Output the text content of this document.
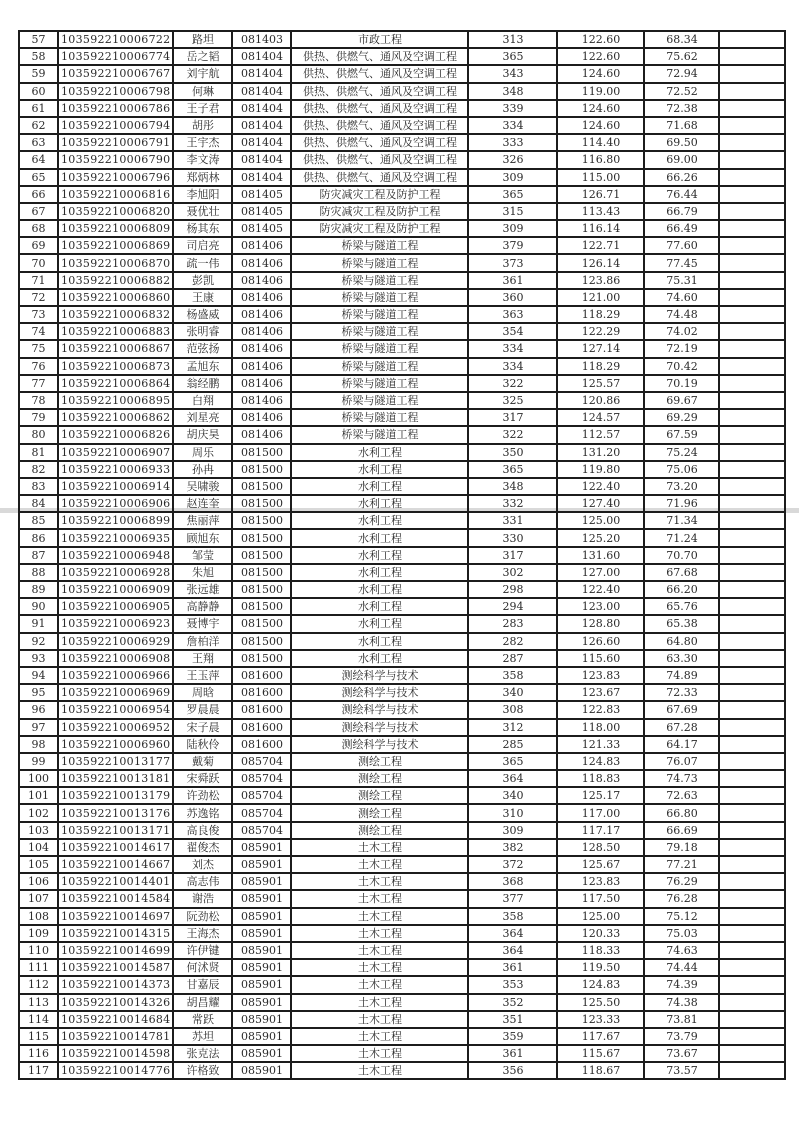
57	103592210006722	路坦	081403	市政工程	313	122.60	68.34	
58	103592210006774	岳之韬	081404	供热、供燃气、通风及空调工程	365	122.60	75.62	
59	103592210006767	刘宇航	081404	供热、供燃气、通风及空调工程	343	124.60	72.94	
60	103592210006798	何琳	081404	供热、供燃气、通风及空调工程	348	119.00	72.52	
61	103592210006786	王子君	081404	供热、供燃气、通风及空调工程	339	124.60	72.38	
62	103592210006794	胡彤	081404	供热、供燃气、通风及空调工程	334	124.60	71.68	
63	103592210006791	王宇杰	081404	供热、供燃气、通风及空调工程	333	114.40	69.50	
64	103592210006790	李文涛	081404	供热、供燃气、通风及空调工程	326	116.80	69.00	
65	103592210006796	郑炳林	081404	供热、供燃气、通风及空调工程	309	115.00	66.26	
66	103592210006816	李旭阳	081405	防灾减灾工程及防护工程	365	126.71	76.44	
67	103592210006820	聂优壮	081405	防灾减灾工程及防护工程	315	113.43	66.79	
68	103592210006809	杨其东	081405	防灾减灾工程及防护工程	309	116.14	66.49	
69	103592210006869	司启亮	081406	桥梁与隧道工程	379	122.71	77.60	
70	103592210006870	疏一伟	081406	桥梁与隧道工程	373	126.14	77.45	
71	103592210006882	彭凯	081406	桥梁与隧道工程	361	123.86	75.31	
72	103592210006860	王康	081406	桥梁与隧道工程	360	121.00	74.60	
73	103592210006832	杨盛威	081406	桥梁与隧道工程	363	118.29	74.48	
74	103592210006883	张明睿	081406	桥梁与隧道工程	354	122.29	74.02	
75	103592210006867	范弦扬	081406	桥梁与隧道工程	334	127.14	72.19	
76	103592210006873	孟旭东	081406	桥梁与隧道工程	334	118.29	70.42	
77	103592210006864	翁经鹏	081406	桥梁与隧道工程	322	125.57	70.19	
78	103592210006895	白翔	081406	桥梁与隧道工程	325	120.86	69.67	
79	103592210006862	刘星亮	081406	桥梁与隧道工程	317	124.57	69.29	
80	103592210006826	胡庆昊	081406	桥梁与隧道工程	322	112.57	67.59	
81	103592210006907	周乐	081500	水利工程	350	131.20	75.24	
82	103592210006933	孙冉	081500	水利工程	365	119.80	75.06	
83	103592210006914	吴啸骏	081500	水利工程	348	122.40	73.20	
84	103592210006906	赵连奎	081500	水利工程	332	127.40	71.96	
85	103592210006899	焦丽萍	081500	水利工程	331	125.00	71.34	
86	103592210006935	顾旭东	081500	水利工程	330	125.20	71.24	
87	103592210006948	邹莹	081500	水利工程	317	131.60	70.70	
88	103592210006928	朱旭	081500	水利工程	302	127.00	67.68	
89	103592210006909	张远雄	081500	水利工程	298	122.40	66.20	
90	103592210006905	高静静	081500	水利工程	294	123.00	65.76	
91	103592210006923	聂博宇	081500	水利工程	283	128.80	65.38	
92	103592210006929	詹柏洋	081500	水利工程	282	126.60	64.80	
93	103592210006908	王翔	081500	水利工程	287	115.60	63.30	
94	103592210006966	王玉萍	081600	测绘科学与技术	358	123.83	74.89	
95	103592210006969	周晗	081600	测绘科学与技术	340	123.67	72.33	
96	103592210006954	罗晨晨	081600	测绘科学与技术	308	122.83	67.69	
97	103592210006952	宋子晨	081600	测绘科学与技术	312	118.00	67.28	
98	103592210006960	陆秋伶	081600	测绘科学与技术	285	121.33	64.17	
99	103592210013177	戴菊	085704	测绘工程	365	124.83	76.07	
100	103592210013181	宋舜跃	085704	测绘工程	364	118.83	74.73	
101	103592210013179	许劲松	085704	测绘工程	340	125.17	72.63	
102	103592210013176	苏逸铭	085704	测绘工程	310	117.00	66.80	
103	103592210013171	高良俊	085704	测绘工程	309	117.17	66.69	
104	103592210014617	翟俊杰	085901	土木工程	382	128.50	79.18	
105	103592210014667	刘杰	085901	土木工程	372	125.67	77.21	
106	103592210014401	高志伟	085901	土木工程	368	123.83	76.29	
107	103592210014584	谢浩	085901	土木工程	377	117.50	76.28	
108	103592210014697	阮劲松	085901	土木工程	358	125.00	75.12	
109	103592210014315	王海杰	085901	土木工程	364	120.33	75.03	
110	103592210014699	许伊键	085901	土木工程	364	118.33	74.63	
111	103592210014587	何沭贤	085901	土木工程	361	119.50	74.44	
112	103592210014373	甘嘉辰	085901	土木工程	353	124.83	74.39	
113	103592210014326	胡昌耀	085901	土木工程	352	125.50	74.38	
114	103592210014684	常跃	085901	土木工程	351	123.33	73.81	
115	103592210014781	苏坦	085901	土木工程	359	117.67	73.79	
116	103592210014598	张克法	085901	土木工程	361	115.67	73.67	
117	103592210014776	许格致	085901	土木工程	356	118.67	73.57	
